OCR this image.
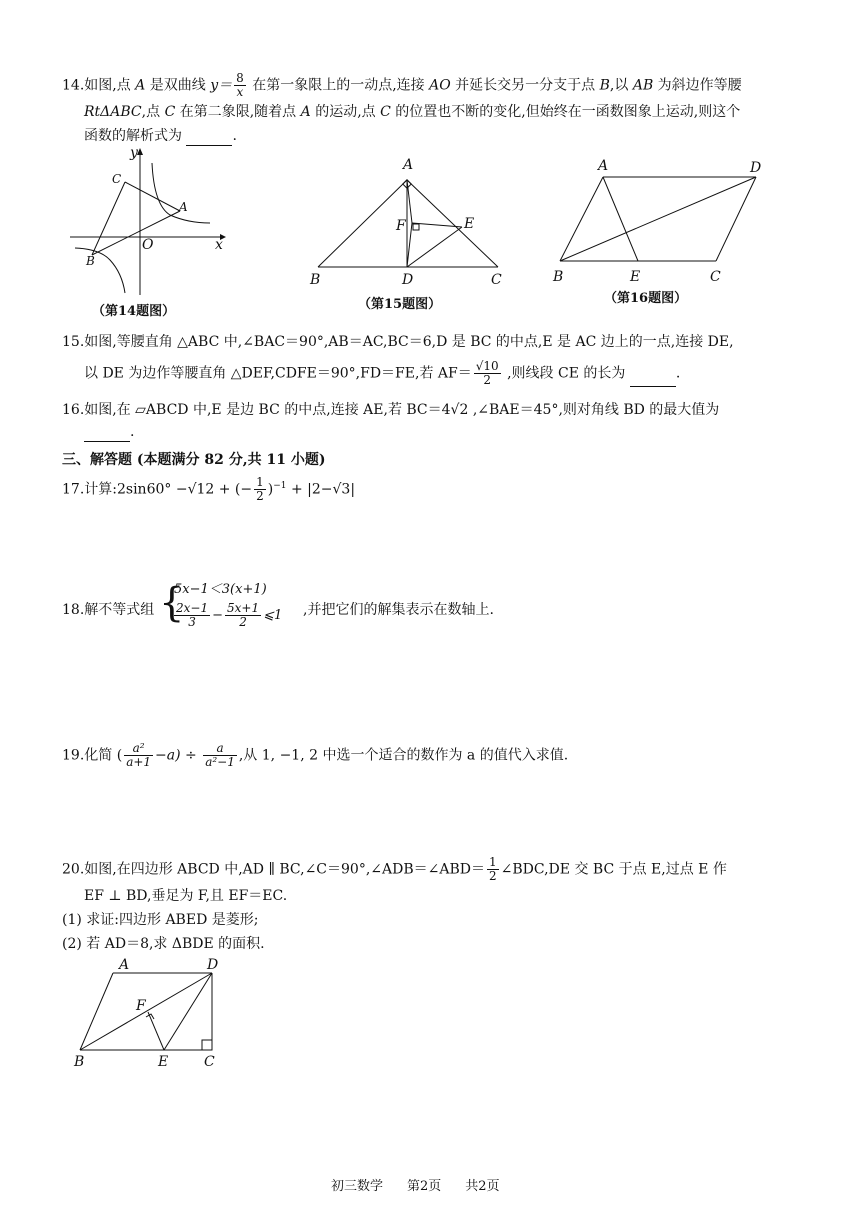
14.如图,点 A 是双曲线 $y= \frac{8}{x}$ 在第一象限上的一动点,连接 AO 并延长交另一分支于点 B,以 AB 为斜边作等腰
RtΔABC,点 C 在第二象限,随着点 A 的运动,点 C 的位置也不断的变化,但始终在一函数图象上运动,则这个
函数的解析式为	.
y
x
O
A
B
C
（第14题图）
A
B	C
D
E
F
（第15题图）
A	D
B	E	C
（第16题图）
15.如图,等腰直角 △ABC 中,∠BAC＝90°,AB＝AC,BC＝6,D 是 BC 的中点,E 是 AC 边上的一点,连接 DE,
以 DE 为边作等腰直角 △DEF,CDFE＝90°,FD＝FE,若 $AF= \frac{√10}{2}$ ,则线段 CE 的长为	.
16.如图,在 ▱ABCD 中,E 是边 BC 的中点,连接 AE,若 BC＝4√2 ,∠BAE＝45°,则对角线 BD 的最大值为
.
三、解答题 (本题满分 82 分,共 11 小题)
17.计算:2sin60° −√12 + (− $\frac{1}{2} )^{-1} + |2-√3|$
18.解不等式组 {
5x−1＜3(x+1)
$\frac{2x-1}{3} - \frac{5x+1}{2}$ ⩽1 ,并把它们的解集表示在数轴上.
19.化简 ( $\frac{\text{a²}}{a+1} -a) \div \frac{a}{\text{a²−1}}$ ,从 1, −1, 2 中选一个适合的数作为 a 的值代入求值.
20.如图,在四边形 ABCD 中,AD ∥ BC,∠C＝90°,∠ADB＝∠ABD＝ $\frac{1}{2}$ ∠BDC,DE 交 BC 于点 E,过点 E 作
EF ⊥ BD,垂足为 F,且 EF＝EC.
(1) 求证:四边形 ABED 是菱形;
(2) 若 AD＝8,求 ΔBDE 的面积.
A	D
B	E	C
F
初三数学 第2页 共2页
